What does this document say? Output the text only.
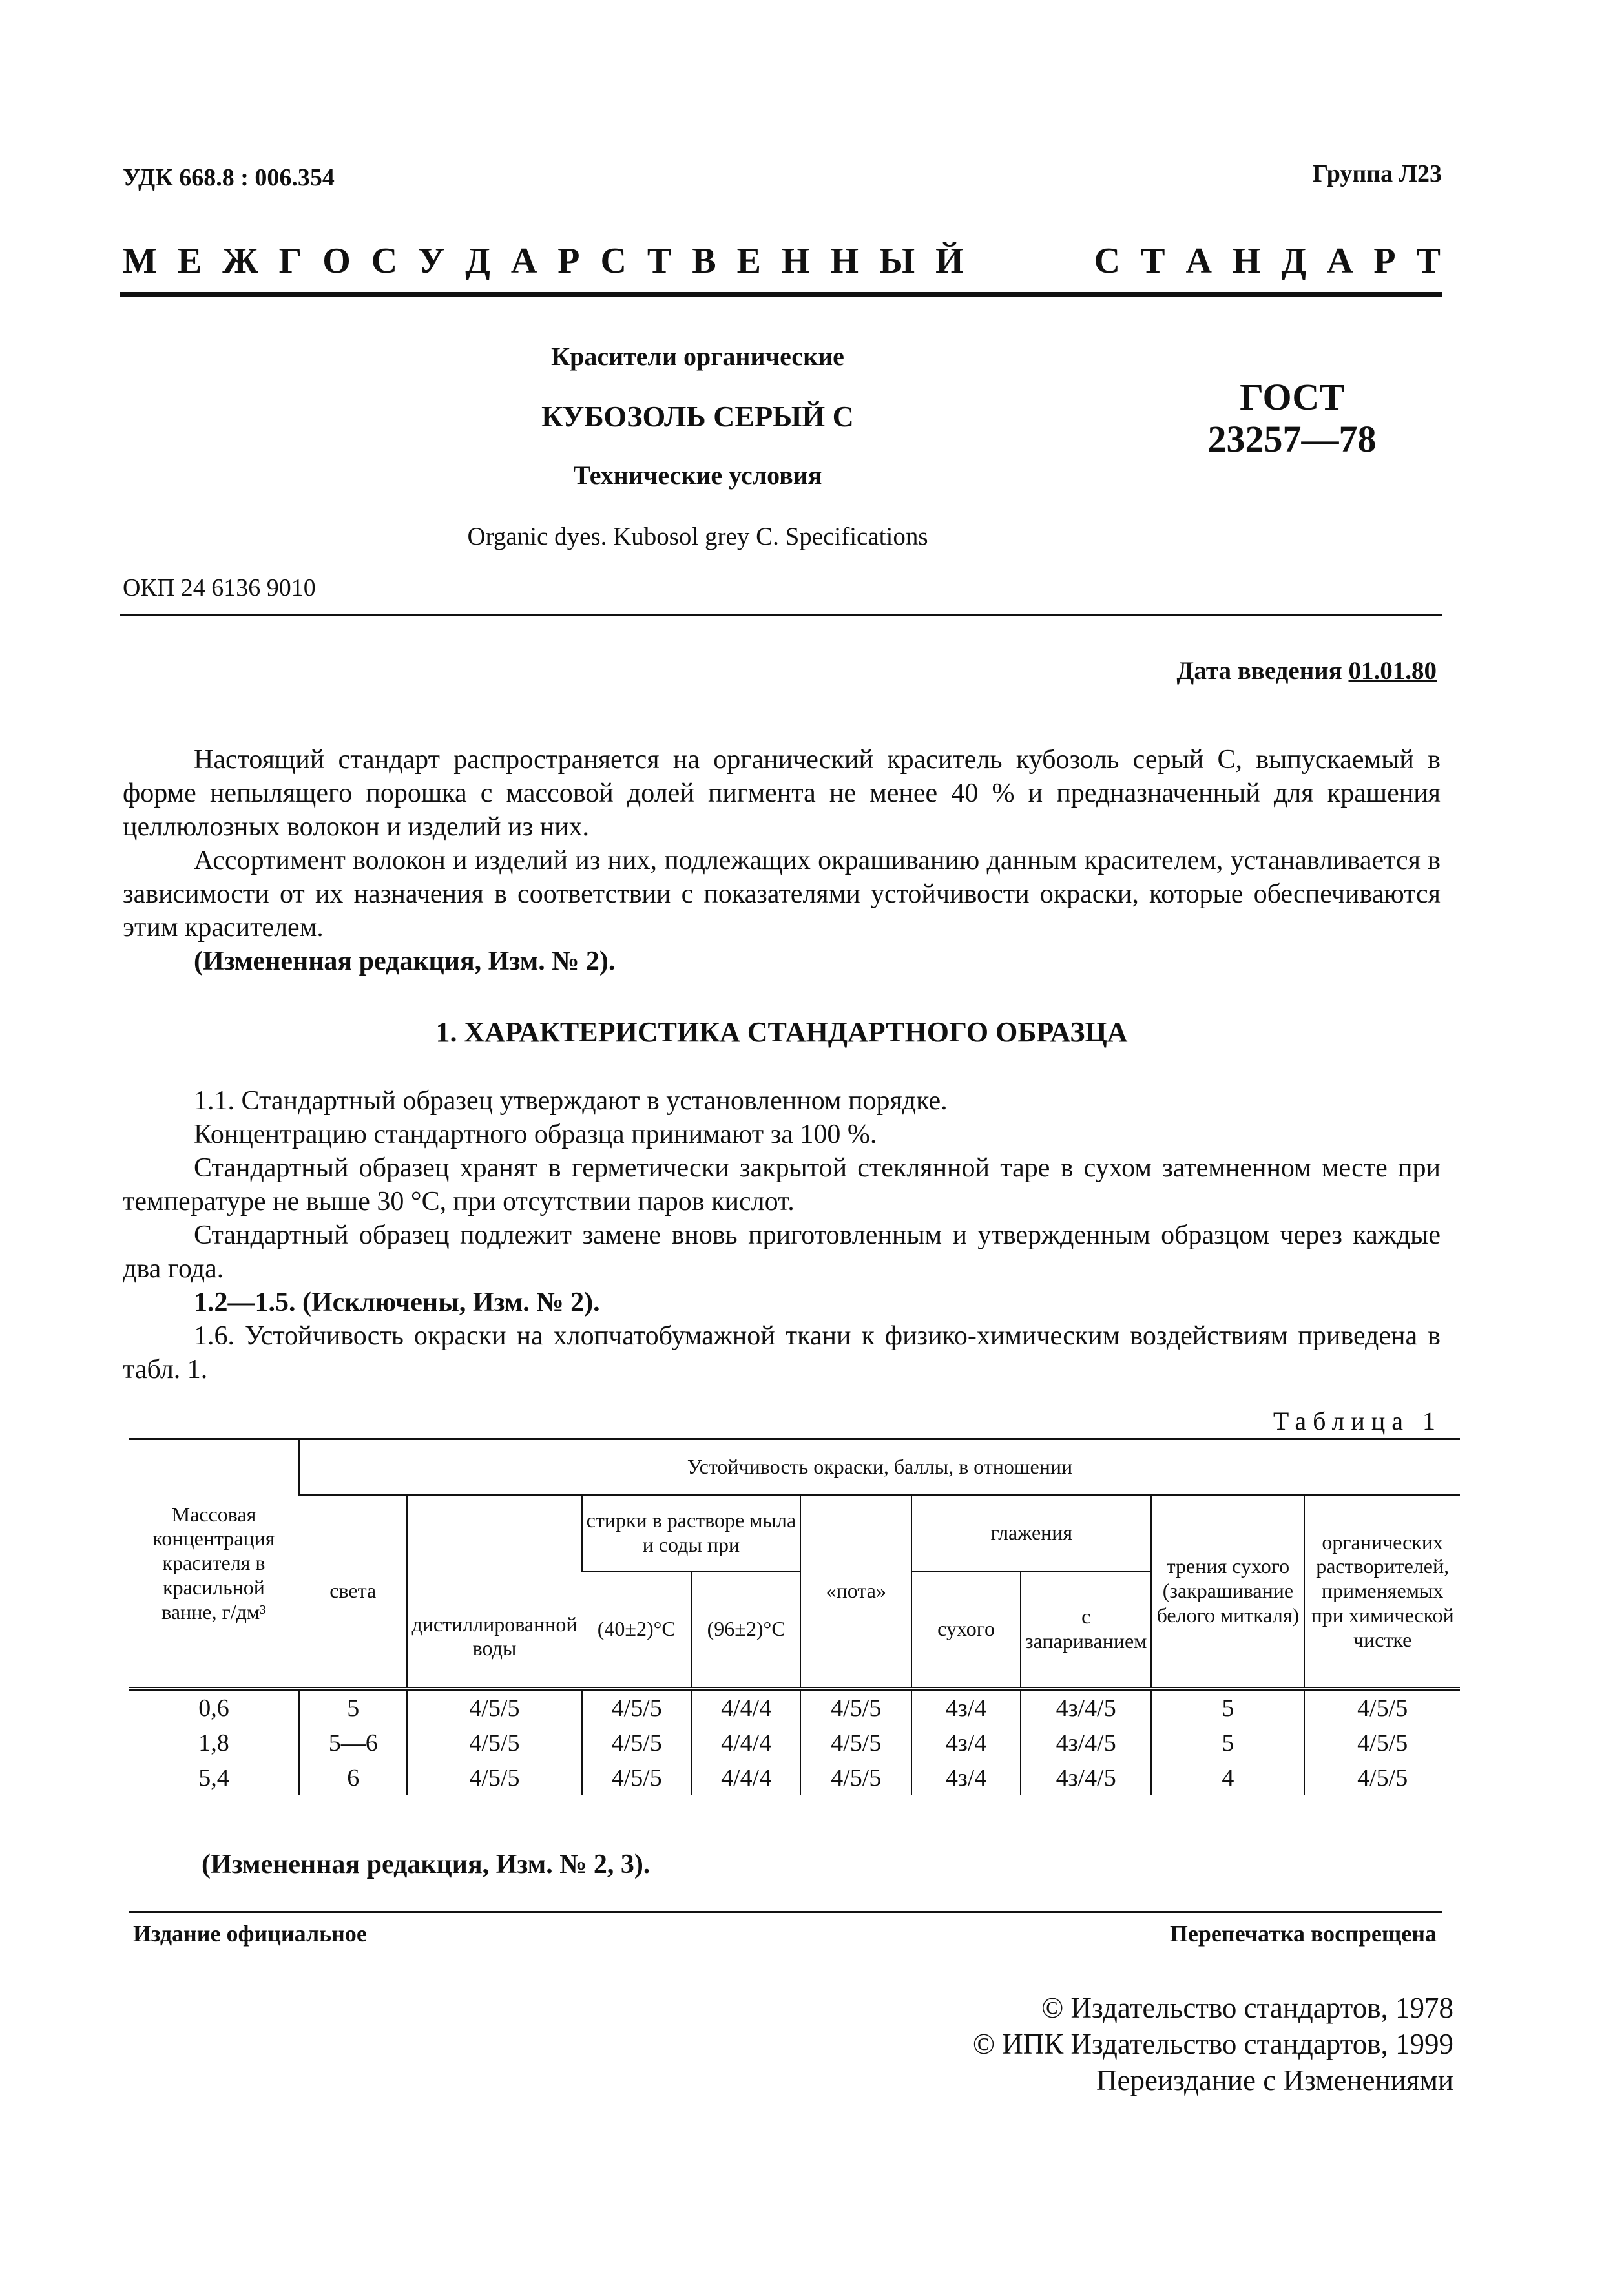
УДК 668.8 : 006.354	Группа Л23
М Е Ж Г О С У Д А Р С Т В Е Н Н Ы Й	С Т А Н Д А Р Т
Красители органические
КУБОЗОЛЬ СЕРЫЙ С
Технические условия
Organic dyes. Kubosol grey С. Specifications
ГОСТ
23257—78
ОКП 24 6136 9010
Дата введения 01.01.80

Настоящий стандарт распространяется на органический краситель кубозоль серый С, выпускаемый в форме непылящего порошка с массовой долей пигмента не менее 40 % и предназначенный для крашения целлюлозных волокон и изделий из них.

Ассортимент волокон и изделий из них, подлежащих окрашиванию данным красителем, устанавливается в зависимости от их назначения в соответствии с показателями устойчивости окраски, которые обеспечиваются этим красителем.

(Измененная редакция, Изм. № 2).

1. ХАРАКТЕРИСТИКА СТАНДАРТНОГО ОБРАЗЦА

1.1. Стандартный образец утверждают в установленном порядке.

Концентрацию стандартного образца принимают за 100 %.

Стандартный образец хранят в герметически закрытой стеклянной таре в сухом затемненном месте при температуре не выше 30 °С, при отсутствии паров кислот.

Стандартный образец подлежит замене вновь приготовленным и утвержденным образцом через каждые два года.

1.2—1.5. (Исключены, Изм. № 2).

1.6. Устойчивость окраски на хлопчатобумажной ткани к физико-химическим воздействиям приведена в табл. 1.

Таблица 1
Массовая концентрация красителя в красильной ванне, г/дм³	Устойчивость окраски, баллы, в отношении								
	света	дистиллированной воды	стирки в растворе мыла и соды при		«пота»	глажения		трения сухого (закрашивание белого миткаля)	органических растворителей, применяемых при химической чистке
			(40±2)°С	(96±2)°С		сухого	с запариванием		

0,6	5	4/5/5	4/5/5	4/4/4	4/5/5	4з/4	4з/4/5	5	4/5/5
1,8	5—6	4/5/5	4/5/5	4/4/4	4/5/5	4з/4	4з/4/5	5	4/5/5
5,4	6	4/5/5	4/5/5	4/4/4	4/5/5	4з/4	4з/4/5	4	4/5/5
(Измененная редакция, Изм. № 2, 3).
Издание официальное	Перепечатка воспрещена
© Издательство стандартов, 1978
© ИПК Издательство стандартов, 1999
Переиздание с Изменениями
